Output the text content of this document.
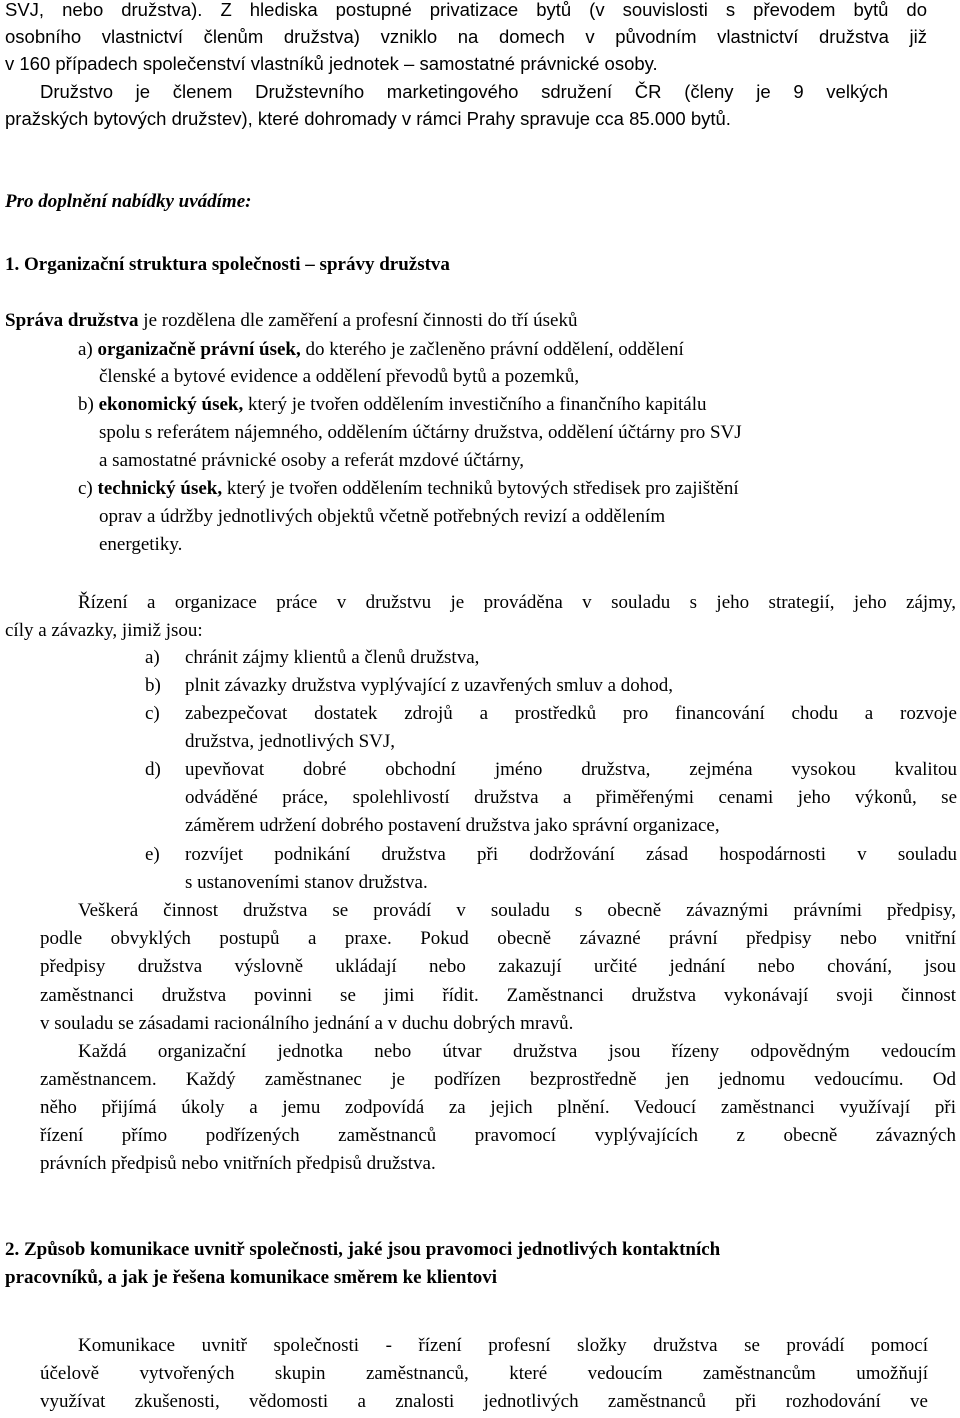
SVJ, nebo družstva). Z hlediska postupné privatizace bytů (v souvislosti s převodem bytů do
osobního vlastnictví členům družstva) vzniklo na domech v původním vlastnictví družstva již
v 160 případech společenství vlastníků jednotek – samostatné právnické osoby.
Družstvo je členem Družstevního marketingového sdružení ČR (členy je 9 velkých
pražských bytových družstev), které dohromady v rámci Prahy spravuje cca 85.000 bytů.
Pro doplnění nabídky uvádíme:
1. Organizační struktura společnosti – správy družstva
Správa družstva je rozdělena dle zaměření a profesní činnosti do tří úseků
a) organizačně právní úsek, do kterého je začleněno právní oddělení, oddělení
členské a bytové evidence a oddělení převodů bytů a pozemků,
b) ekonomický úsek, který je tvořen oddělením investičního a finančního kapitálu
spolu s referátem nájemného, oddělením účtárny družstva, oddělení účtárny pro SVJ
a samostatné právnické osoby a referát mzdové účtárny,
c) technický úsek, který je tvořen oddělením techniků bytových středisek pro zajištění
oprav a údržby jednotlivých objektů včetně potřebných revizí a oddělením
energetiky.
Řízení a organizace práce v družstvu je prováděna v souladu s jeho strategií, jeho zájmy,
cíly a závazky, jimiž jsou:
a) chránit zájmy klientů a členů družstva,
b) plnit závazky družstva vyplývající z uzavřených smluv a dohod,
c) zabezpečovat dostatek zdrojů a prostředků pro financování chodu a rozvoje
družstva, jednotlivých SVJ,
d) upevňovat dobré obchodní jméno družstva, zejména vysokou kvalitou
odváděné práce, spolehlivostí družstva a přiměřenými cenami jeho výkonů, se
záměrem udržení dobrého postavení družstva jako správní organizace,
e) rozvíjet podnikání družstva při dodržování zásad hospodárnosti v souladu
s ustanoveními stanov družstva.
Veškerá činnost družstva se provádí v souladu s obecně závaznými právními předpisy,
podle obvyklých postupů a praxe. Pokud obecně závazné právní předpisy nebo vnitřní
předpisy družstva výslovně ukládají nebo zakazují určité jednání nebo chování, jsou
zaměstnanci družstva povinni se jimi řídit. Zaměstnanci družstva vykonávají svoji činnost
v souladu se zásadami racionálního jednání a v duchu dobrých mravů.
Každá organizační jednotka nebo útvar družstva jsou řízeny odpovědným vedoucím
zaměstnancem. Každý zaměstnanec je podřízen bezprostředně jen jednomu vedoucímu. Od
něho přijímá úkoly a jemu zodpovídá za jejich plnění. Vedoucí zaměstnanci využívají při
řízení přímo podřízených zaměstnanců pravomocí vyplývajících z obecně závazných
právních předpisů nebo vnitřních předpisů družstva.
2. Způsob komunikace uvnitř společnosti, jaké jsou pravomoci jednotlivých kontaktních
pracovníků, a jak je řešena komunikace směrem ke klientovi
Komunikace uvnitř společnosti - řízení profesní složky družstva se provádí pomocí
účelově vytvořených skupin zaměstnanců, které vedoucím zaměstnancům umožňují
využívat zkušenosti, vědomosti a znalosti jednotlivých zaměstnanců při rozhodování ve
